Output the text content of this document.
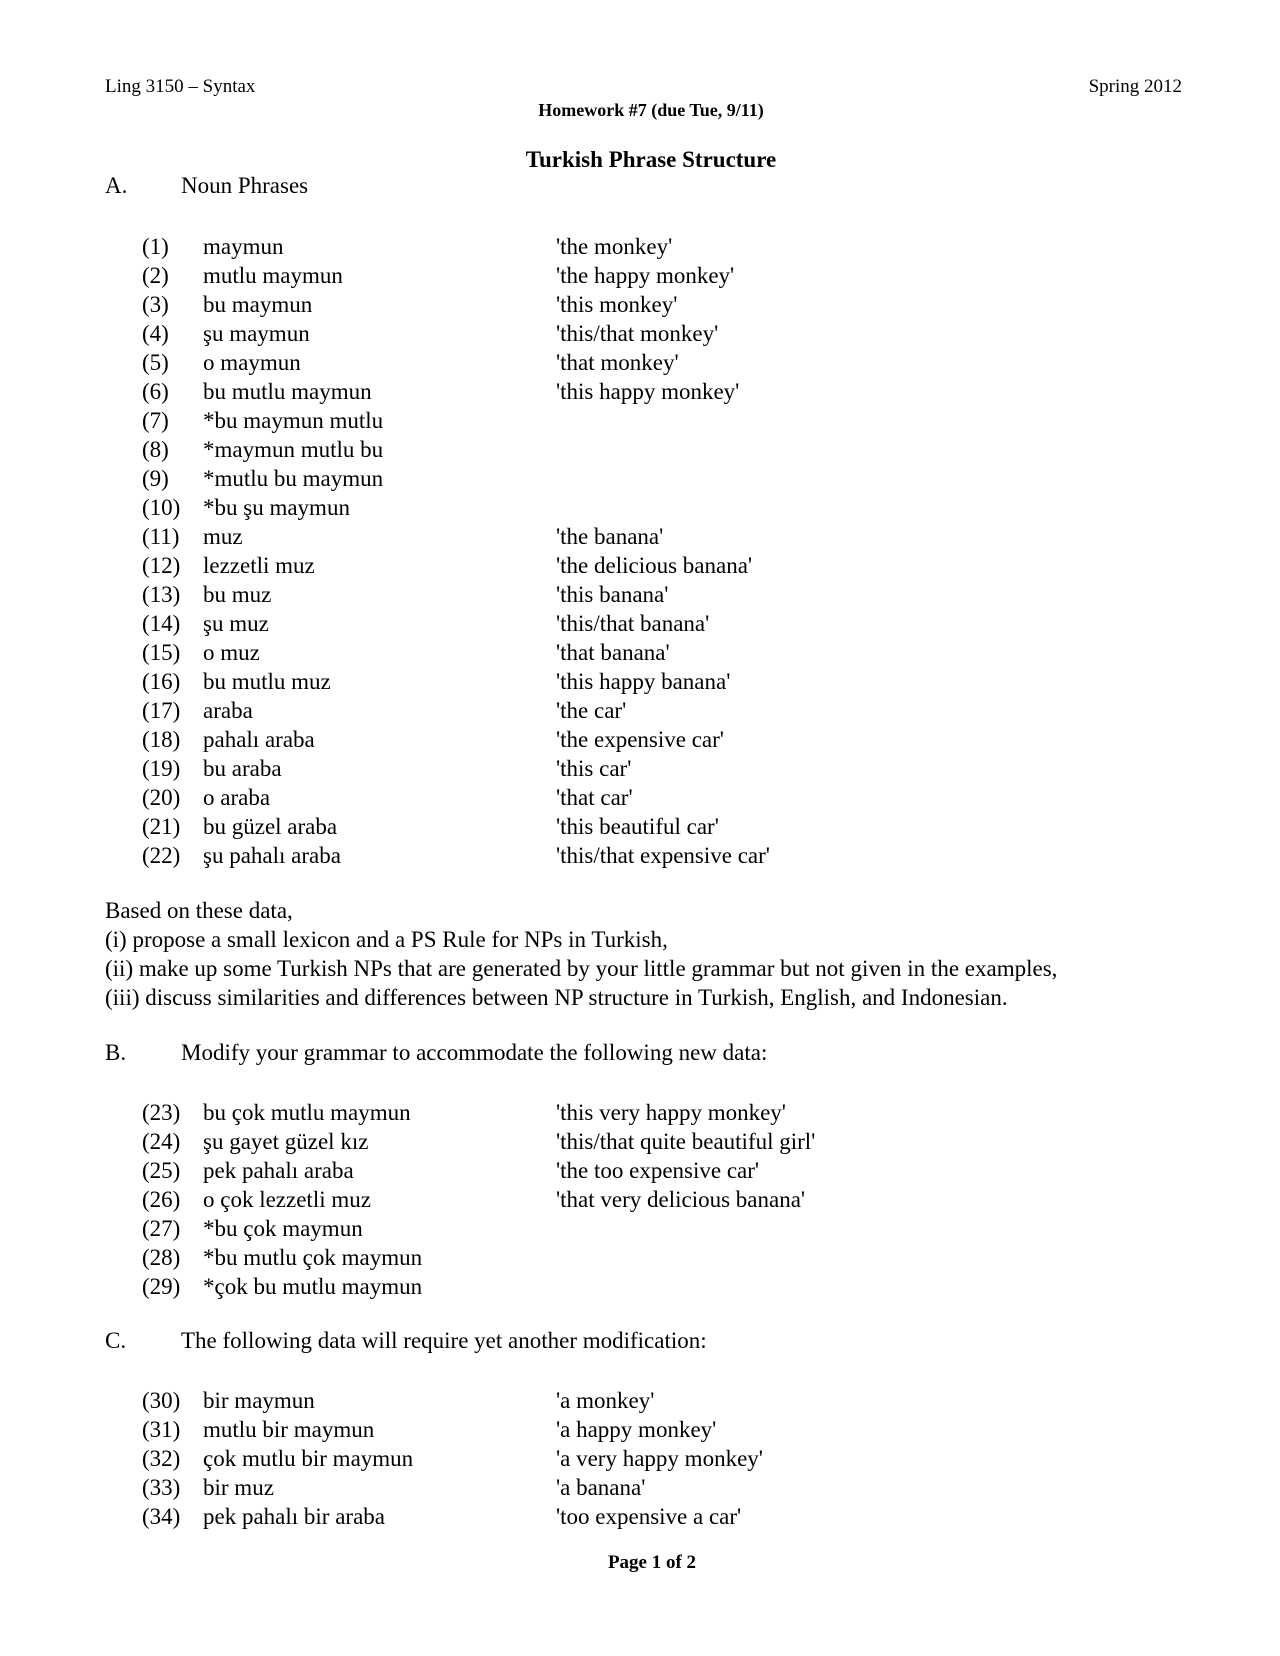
Ling 3150 – Syntax	Spring 2012
Homework #7 (due Tue, 9/11)
Turkish Phrase Structure
A. Noun Phrases
(1) maymun	'the monkey'
(2) mutlu maymun	'the happy monkey'
(3) bu maymun	'this monkey'
(4) şu maymun	'this/that monkey'
(5) o maymun	'that monkey'
(6) bu mutlu maymun	'this happy monkey'
(7) *bu maymun mutlu
(8) *maymun mutlu bu
(9) *mutlu bu maymun
(10) *bu şu maymun
(11) muz	'the banana'
(12) lezzetli muz	'the delicious banana'
(13) bu muz	'this banana'
(14) şu muz	'this/that banana'
(15) o muz	'that banana'
(16) bu mutlu muz	'this happy banana'
(17) araba	'the car'
(18) pahalı araba	'the expensive car'
(19) bu araba	'this car'
(20) o araba	'that car'
(21) bu güzel araba	'this beautiful car'
(22) şu pahalı araba	'this/that expensive car'
Based on these data,
(i) propose a small lexicon and a PS Rule for NPs in Turkish,
(ii) make up some Turkish NPs that are generated by your little grammar but not given in the examples,
(iii) discuss similarities and differences between NP structure in Turkish, English, and Indonesian.
B. Modify your grammar to accommodate the following new data:
(23) bu çok mutlu maymun	'this very happy monkey'
(24) şu gayet güzel kız	'this/that quite beautiful girl'
(25) pek pahalı araba	'the too expensive car'
(26) o çok lezzetli muz	'that very delicious banana'
(27) *bu çok maymun
(28) *bu mutlu çok maymun
(29) *çok bu mutlu maymun
C. The following data will require yet another modification:
(30) bir maymun	'a monkey'
(31) mutlu bir maymun	'a happy monkey'
(32) çok mutlu bir maymun	'a very happy monkey'
(33) bir muz	'a banana'
(34) pek pahalı bir araba	'too expensive a car'
Page 1 of 2
